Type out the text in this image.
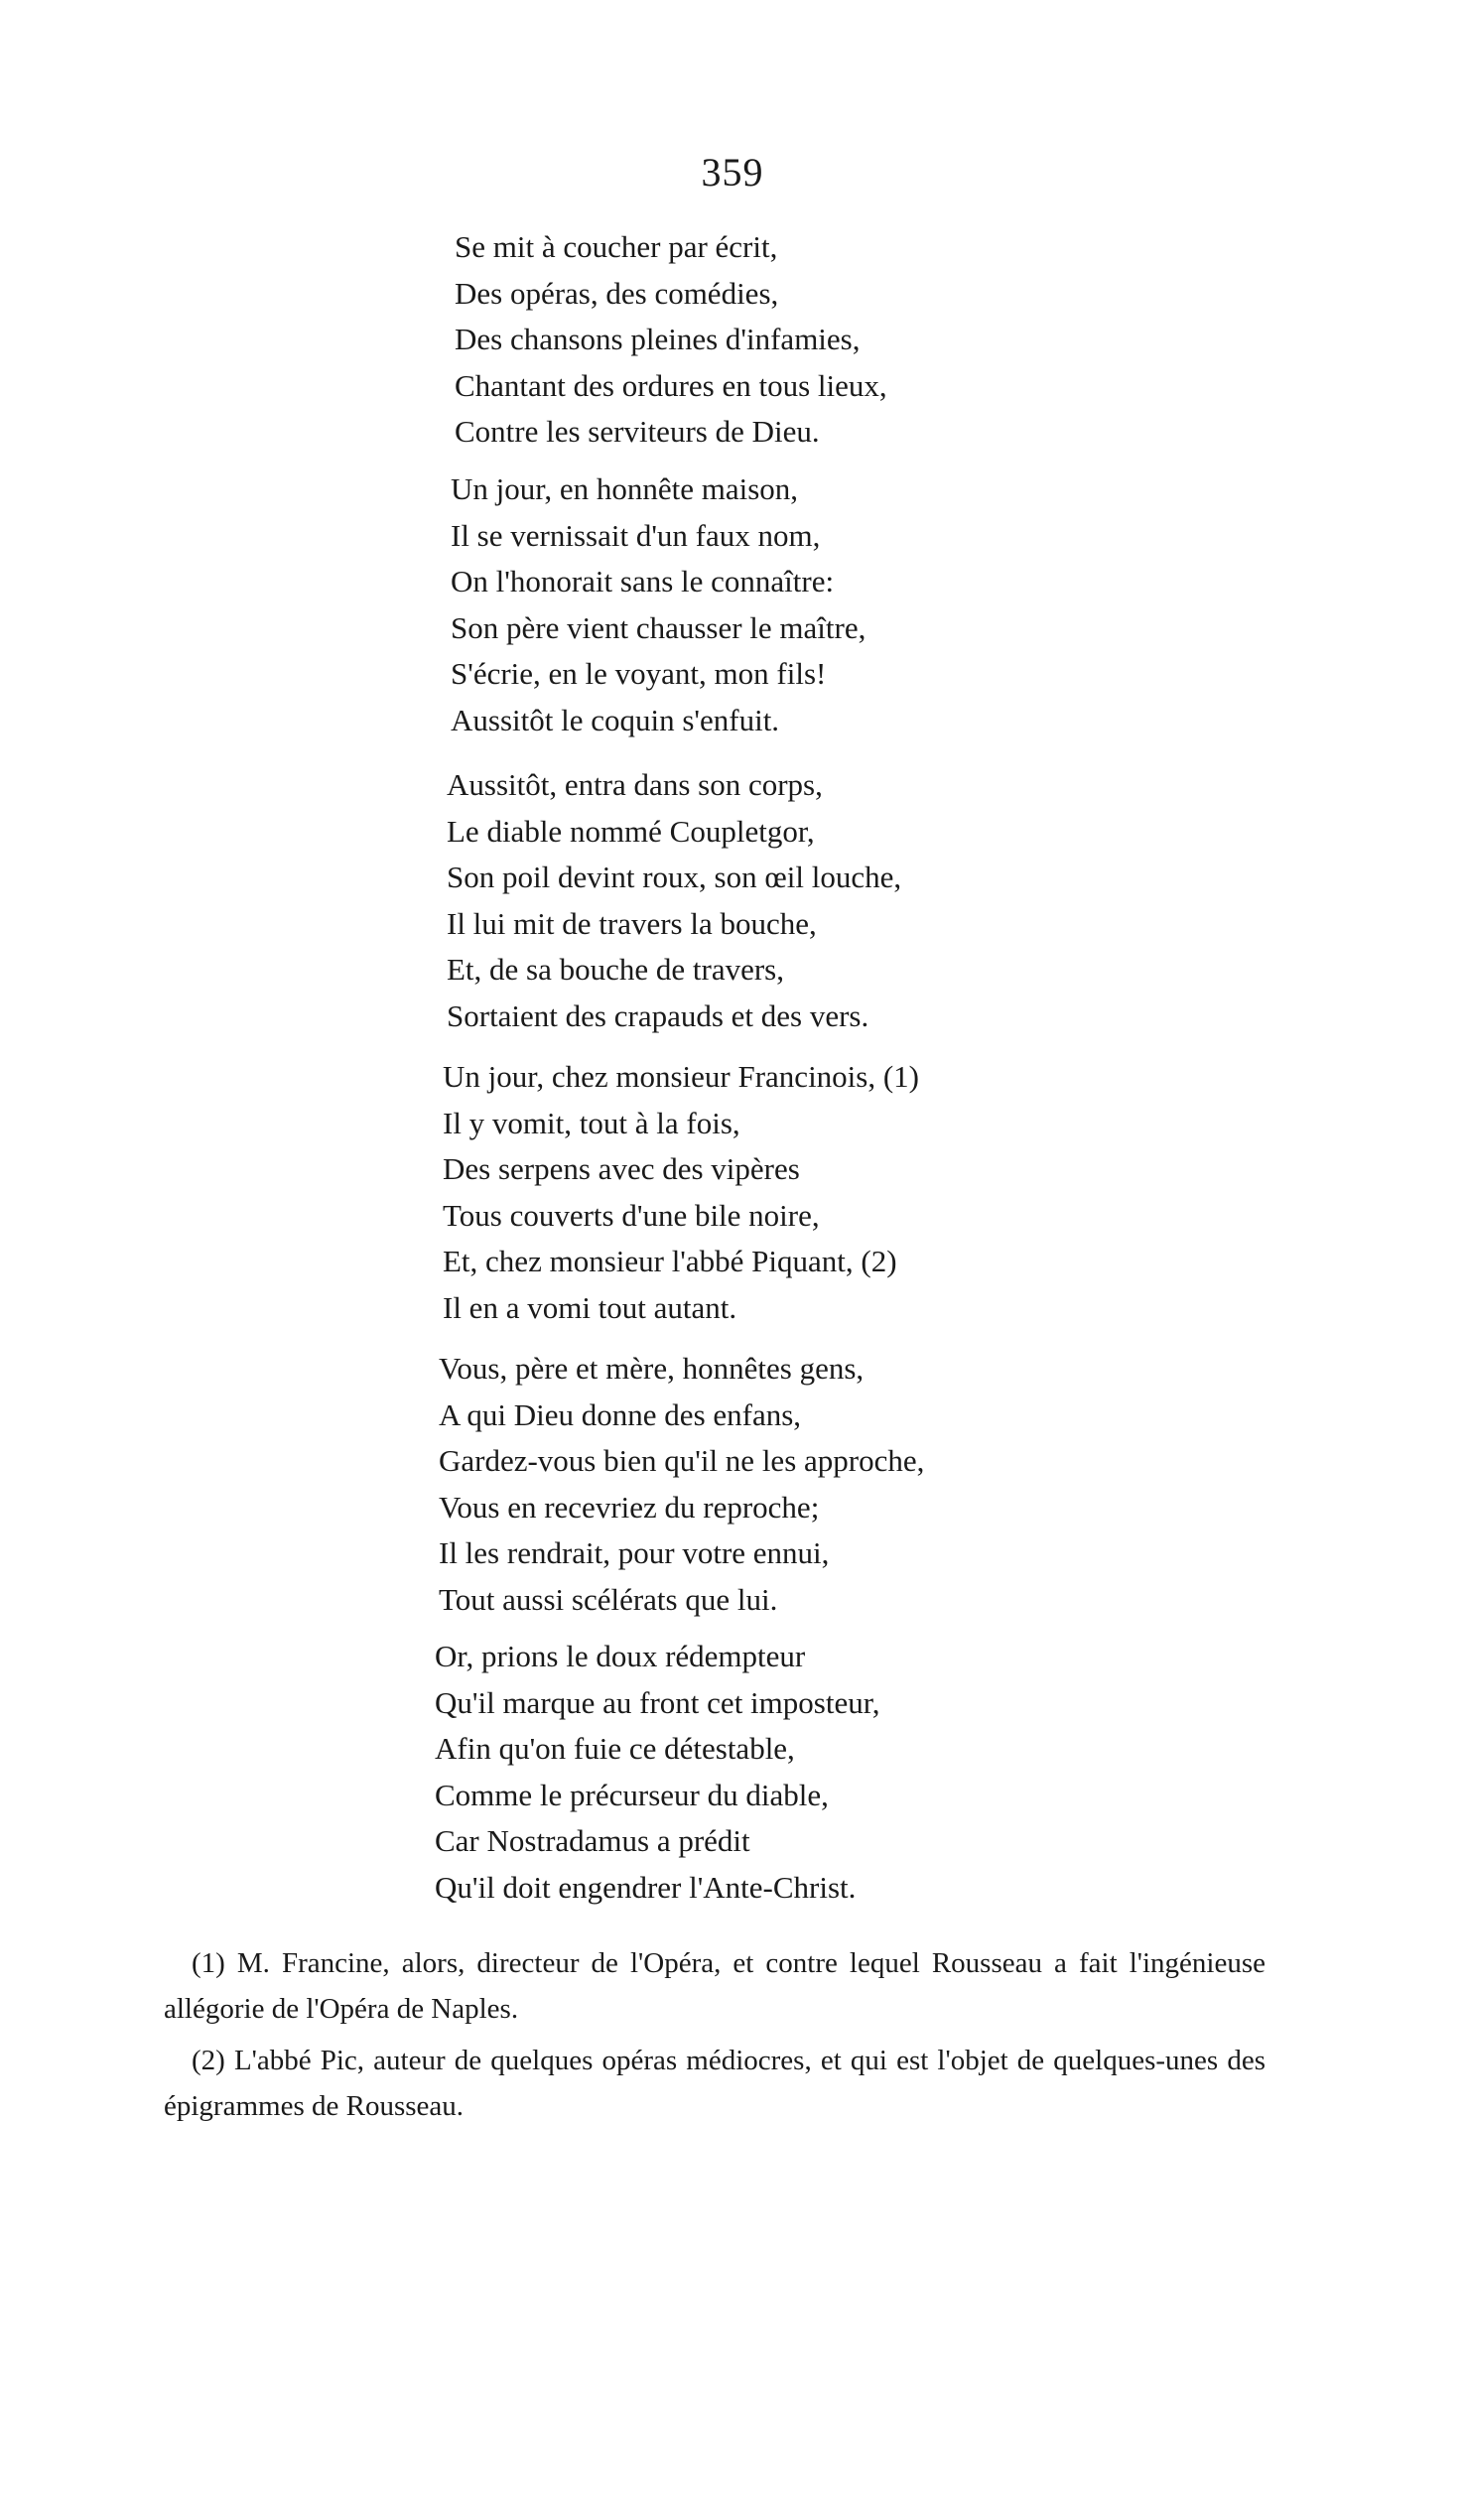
359
Se mit à coucher par écrit,
Des opéras, des comédies,
Des chansons pleines d'infamies,
Chantant des ordures en tous lieux,
Contre les serviteurs de Dieu.
Un jour, en honnête maison,
Il se vernissait d'un faux nom,
On l'honorait sans le connaître:
Son père vient chausser le maître,
S'écrie, en le voyant, mon fils!
Aussitôt le coquin s'enfuit.
Aussitôt, entra dans son corps,
Le diable nommé Coupletgor,
Son poil devint roux, son œil louche,
Il lui mit de travers la bouche,
Et, de sa bouche de travers,
Sortaient des crapauds et des vers.
Un jour, chez monsieur Francinois, (1)
Il y vomit, tout à la fois,
Des serpens avec des vipères
Tous couverts d'une bile noire,
Et, chez monsieur l'abbé Piquant, (2)
Il en a vomi tout autant.
Vous, père et mère, honnêtes gens,
A qui Dieu donne des enfans,
Gardez-vous bien qu'il ne les approche,
Vous en recevriez du reproche;
Il les rendrait, pour votre ennui,
Tout aussi scélérats que lui.
Or, prions le doux rédempteur
Qu'il marque au front cet imposteur,
Afin qu'on fuie ce détestable,
Comme le précurseur du diable,
Car Nostradamus a prédit
Qu'il doit engendrer l'Ante-Christ.

(1) M. Francine, alors, directeur de l'Opéra, et contre lequel Rousseau a fait l'ingénieuse allégorie de l'Opéra de Naples.

(2) L'abbé Pic, auteur de quelques opéras médiocres, et qui est l'objet de quelques-unes des épigrammes de Rousseau.
